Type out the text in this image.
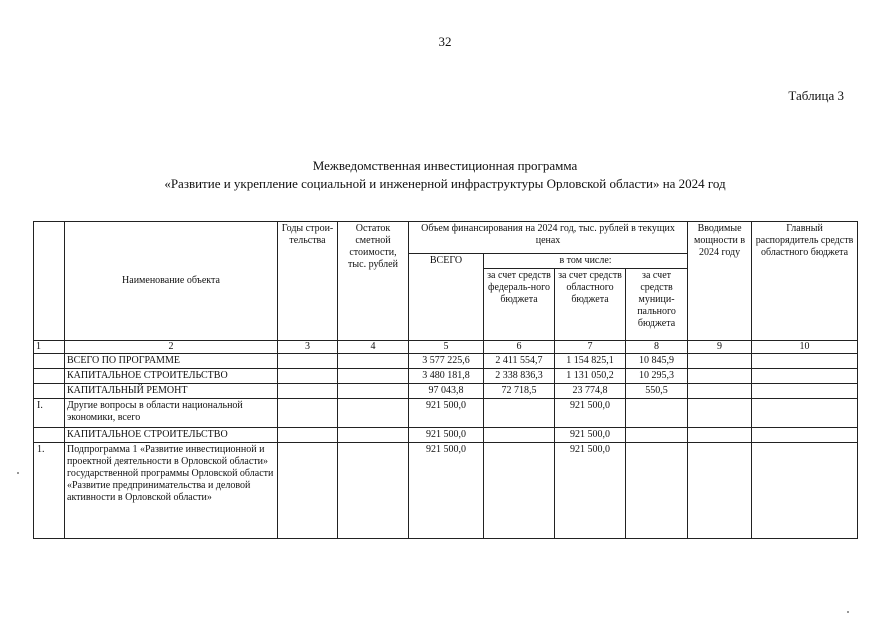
32
Таблица 3
Межведомственная инвестиционная программа
«Развитие и укрепление социальной и инженерной инфраструктуры Орловской области» на 2024 год
	Наименование объекта	Годы строи-тельства	Остаток сметной стоимости, тыс. рублей	Объем финансирования на 2024 год, тыс. рублей в текущих ценах				Вводимые мощности в 2024 году	Главный распорядитель средств областного бюджета
				ВСЕГО	в том числе:				
					за счет средств федераль-ного бюджета	за счет средств областного бюджета	за счет средств муници-пального бюджета		
1	2	3	4	5	6	7	8	9	10
	ВСЕГО ПО ПРОГРАММЕ			3 577 225,6	2 411 554,7	1 154 825,1	10 845,9		
	КАПИТАЛЬНОЕ СТРОИТЕЛЬСТВО			3 480 181,8	2 338 836,3	1 131 050,2	10 295,3		
	КАПИТАЛЬНЫЙ РЕМОНТ			97 043,8	72 718,5	23 774,8	550,5		
I.	Другие вопросы в области национальной экономики, всего			921 500,0		921 500,0			
	КАПИТАЛЬНОЕ СТРОИТЕЛЬСТВО			921 500,0		921 500,0			
1.	Подпрограмма 1 «Развитие инвестиционной и проектной деятельности в Орловской области» государственной программы Орловской области «Развитие предпринимательства и деловой активности в Орловской области»			921 500,0		921 500,0			
